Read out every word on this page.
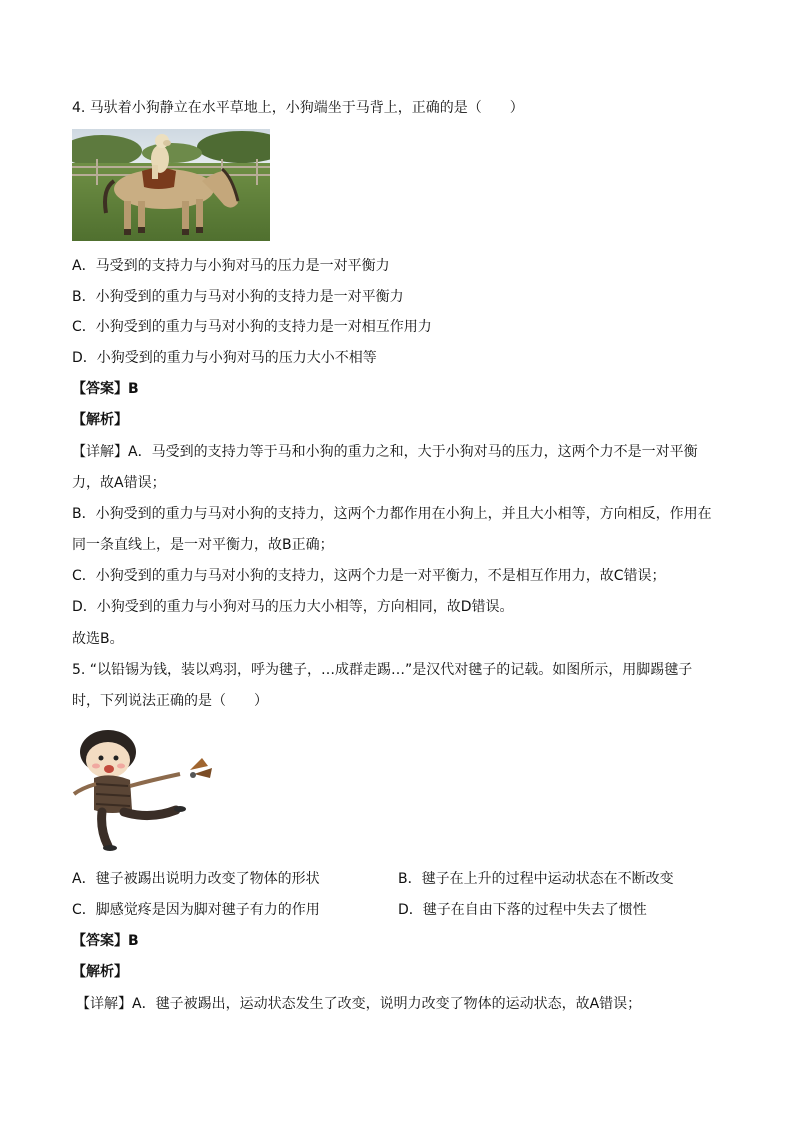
4. 马驮着小狗静立在水平草地上，小狗端坐于马背上，正确的是（　　）
A．马受到的支持力与小狗对马的压力是一对平衡力
B．小狗受到的重力与马对小狗的支持力是一对平衡力
C．小狗受到的重力与马对小狗的支持力是一对相互作用力
D．小狗受到的重力与小狗对马的压力大小不相等
【答案】B
【解析】
【详解】A．马受到的支持力等于马和小狗的重力之和，大于小狗对马的压力，这两个力不是一对平衡
力，故A错误；
B．小狗受到的重力与马对小狗的支持力，这两个力都作用在小狗上，并且大小相等，方向相反，作用在
同一条直线上，是一对平衡力，故B正确；
C．小狗受到的重力与马对小狗的支持力，这两个力是一对平衡力，不是相互作用力，故C错误；
D．小狗受到的重力与小狗对马的压力大小相等，方向相同，故D错误。
故选B。
5. “以铅锡为钱，装以鸡羽，呼为毽子，…成群走踢…”是汉代对毽子的记载。如图所示，用脚踢毽子
时，下列说法正确的是（　　）
A．毽子被踢出说明力改变了物体的形状	B．毽子在上升的过程中运动状态在不断改变
C．脚感觉疼是因为脚对毽子有力的作用	D．毽子在自由下落的过程中失去了惯性
【答案】B
【解析】
【详解】A．毽子被踢出，运动状态发生了改变，说明力改变了物体的运动状态，故A错误；
